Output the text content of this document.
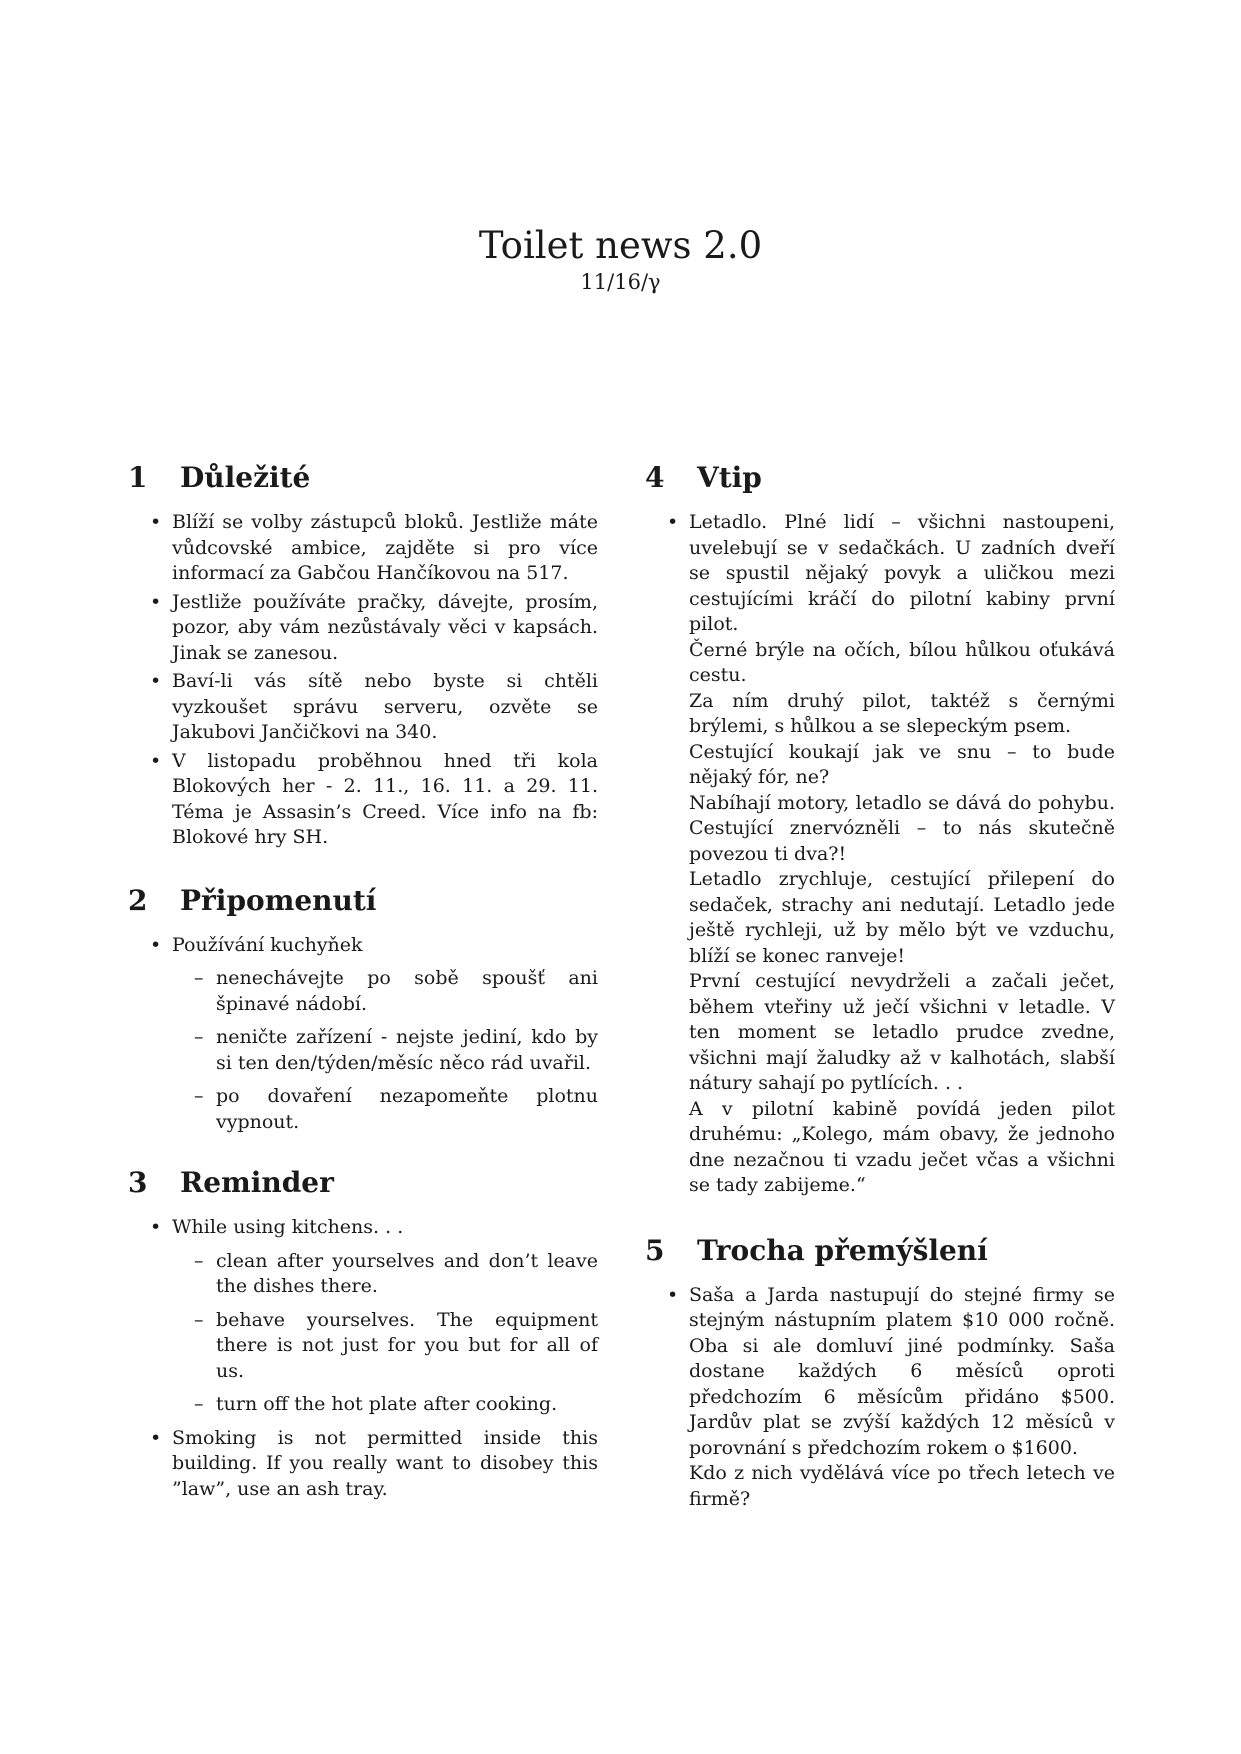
Toilet news 2.0
11/16/γ
1	Důležité
• Blíží se volby zástupců bloků. Jestliže máte vůdcovské ambice, zajděte si pro více informací za Gabčou Hančíkovou na 517.
• Jestliže používáte pračky, dávejte, prosím, pozor, aby vám nezůstávaly věci v kapsách. Jinak se zanesou.
• Baví-li vás sítě nebo byste si chtěli vyzkoušet správu serveru, ozvěte se Jakubovi Jančičkovi na 340.
• V listopadu proběhnou hned tři kola Blokových her - 2. 11., 16. 11. a 29. 11. Téma je Assasin’s Creed. Více info na fb: Blokové hry SH.
2	Připomenutí
• Používání kuchyňek
– nenechávejte po sobě spoušť ani špinavé nádobí.
– neničte zařízení - nejste jediní, kdo by si ten den/týden/měsíc něco rád uvařil.
– po dovaření nezapomeňte plotnu vypnout.
3	Reminder
• While using kitchens. . .
– clean after yourselves and don’t leave the dishes there.
– behave yourselves. The equipment there is not just for you but for all of us.
– turn off the hot plate after cooking.
• Smoking is not permitted inside this building. If you really want to disobey this ”law”, use an ash tray.
4	Vtip
• Letadlo. Plné lidí – všichni nastoupeni, uvelebují se v sedačkách. U zadních dveří se spustil nějaký povyk a uličkou mezi cestujícími kráčí do pilotní kabiny první pilot.
Černé brýle na očích, bílou hůlkou oťukává cestu.
Za ním druhý pilot, taktéž s černými brýlemi, s hůlkou a se slepeckým psem.
Cestující koukají jak ve snu – to bude nějaký fór, ne?
Nabíhají motory, letadlo se dává do pohybu. Cestující znervózněli – to nás skutečně povezou ti dva?!
Letadlo zrychluje, cestující přilepení do sedaček, strachy ani nedutají. Letadlo jede ještě rychleji, už by mělo být ve vzduchu, blíží se konec ranveje!
První cestující nevydrželi a začali ječet, během vteřiny už ječí všichni v letadle. V ten moment se letadlo prudce zvedne, všichni mají žaludky až v kalhotách, slabší nátury sahají po pytlících. . .
A v pilotní kabině povídá jeden pilot druhému: „Kolego, mám obavy, že jednoho dne nezačnou ti vzadu ječet včas a všichni se tady zabijeme.“
5	Trocha přemýšlení
• Saša a Jarda nastupují do stejné firmy se stejným nástupním platem $10 000 ročně. Oba si ale domluví jiné podmínky. Saša dostane každých 6 měsíců oproti předchozím 6 měsícům přidáno $500. Jardův plat se zvýší každých 12 měsíců v porovnání s předchozím rokem o $1600.
Kdo z nich vydělává více po třech letech ve firmě?
